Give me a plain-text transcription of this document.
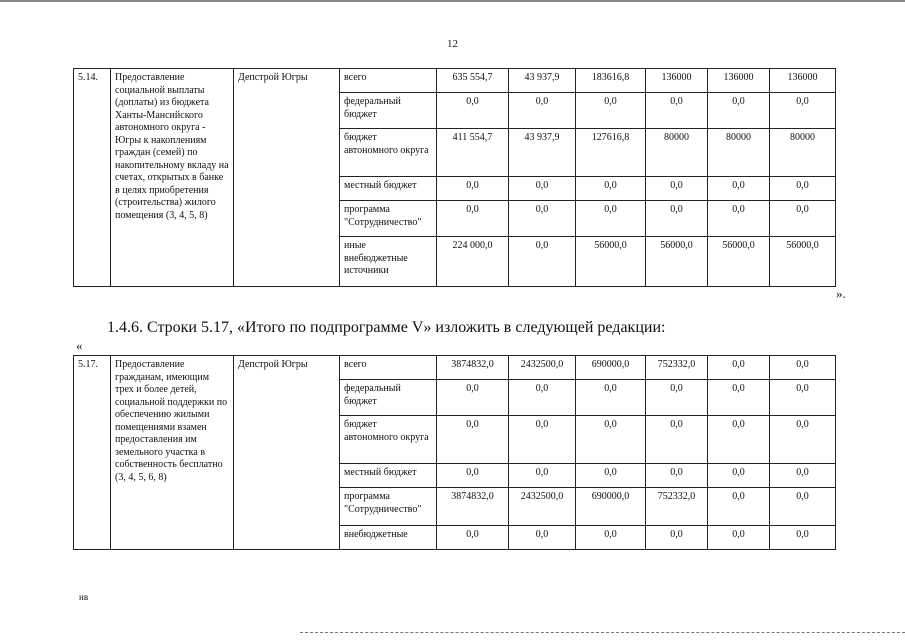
12
5.14.	Предоставление социальной выплаты (доплаты) из бюджета Ханты-Мансийского автономного округа - Югры к накоплениям граждан (семей) по накопительному вкладу на счетах, открытых в банке в целях приобретения (строительства) жилого помещения (3, 4, 5, 8)	Депстрой Югры	всего	635 554,7	43 937,9	183616,8	136000	136000	136000
			федеральный бюджет	0,0	0,0	0,0	0,0	0,0	0,0
			бюджет автономного округа	411 554,7	43 937,9	127616,8	80000	80000	80000
			местный бюджет	0,0	0,0	0,0	0,0	0,0	0,0
			программа "Сотрудничество"	0,0	0,0	0,0	0,0	0,0	0,0
			иные внебюджетные источники	224 000,0	0,0	56000,0	56000,0	56000,0	56000,0
».
1.4.6. Строки 5.17, «Итого по подпрограмме V» изложить в следующей редакции:
«
5.17.	Предоставление гражданам, имеющим трех и более детей, социальной поддержки по обеспечению жилыми помещениями взамен предоставления им земельного участка в собственность бесплатно (3, 4, 5, 6, 8)	Депстрой Югры	всего	3874832,0	2432500,0	690000,0	752332,0	0,0	0,0
			федеральный бюджет	0,0	0,0	0,0	0,0	0,0	0,0
			бюджет автономного округа	0,0	0,0	0,0	0,0	0,0	0,0
			местный бюджет	0,0	0,0	0,0	0,0	0,0	0,0
			программа "Сотрудничество"	3874832,0	2432500,0	690000,0	752332,0	0,0	0,0
			внебюджетные	0,0	0,0	0,0	0,0	0,0	0,0
нв
